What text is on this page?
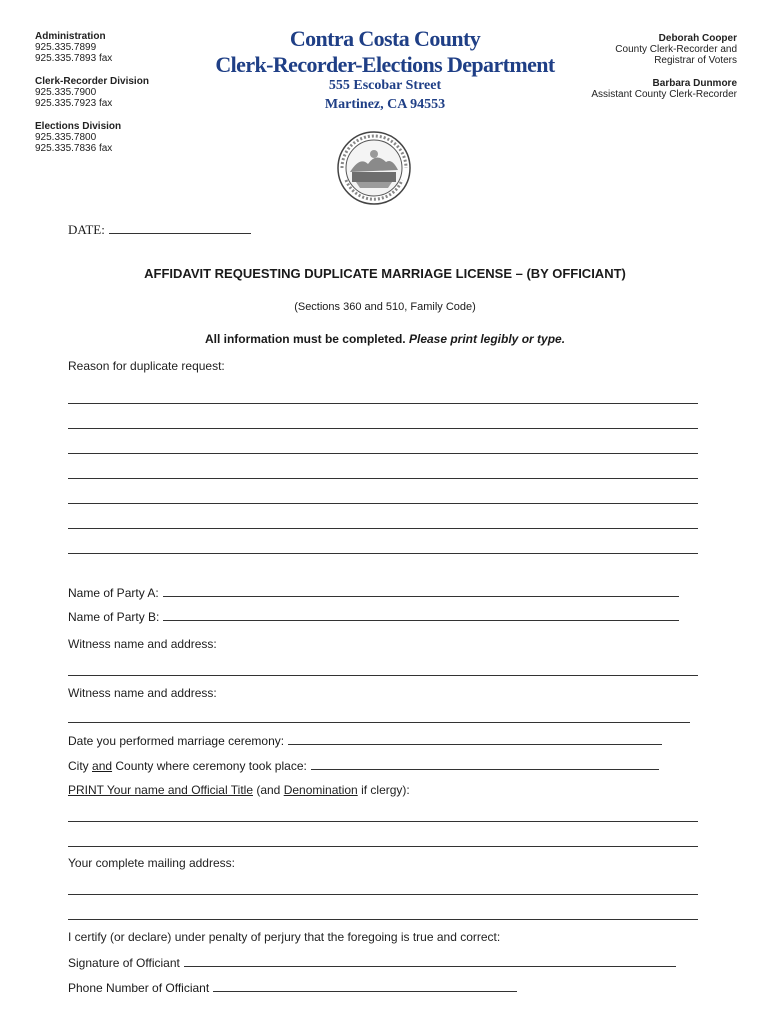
Administration
925.335.7899
925.335.7893 fax
Clerk-Recorder Division
925.335.7900
925.335.7923 fax
Elections Division
925.335.7800
925.335.7836 fax
Contra Costa County
Clerk-Recorder-Elections Department
555 Escobar Street
Martinez, CA 94553
Deborah Cooper
County Clerk-Recorder and
Registrar of Voters
Barbara Dunmore
Assistant County Clerk-Recorder
DATE:
AFFIDAVIT REQUESTING DUPLICATE MARRIAGE LICENSE – (BY OFFICIANT)
(Sections 360 and 510, Family Code)
All information must be completed. Please print legibly or type.
Reason for duplicate request:
Name of Party A:
Name of Party B:
Witness name and address:
Witness name and address:
Date you performed marriage ceremony:
City and County where ceremony took place:
PRINT Your name and Official Title (and Denomination if clergy):
Your complete mailing address:
I certify (or declare) under penalty of perjury that the foregoing is true and correct:
Signature of Officiant
Phone Number of Officiant
